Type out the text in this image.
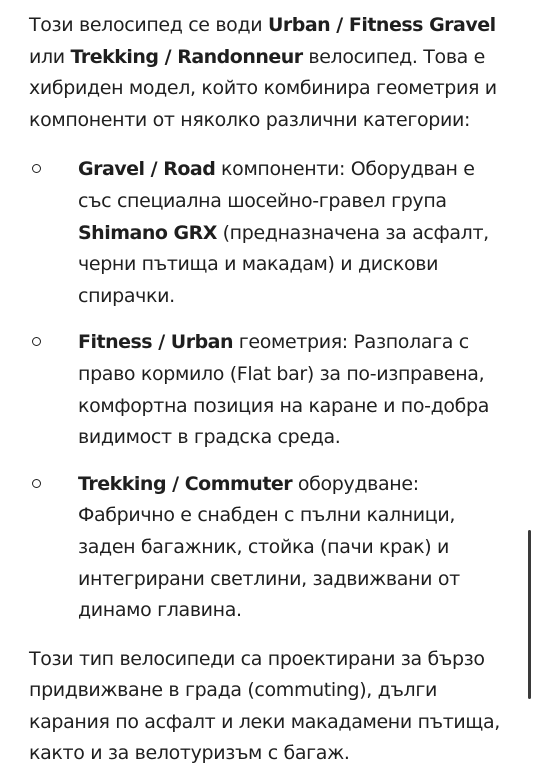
Този велосипед се води Urban / Fitness Gravel или Trekking / Randonneur велосипед. Това е хибриден модел, който комбинира геометрия и компоненти от няколко различни категории:

Gravel / Road компоненти: Оборудван е със специална шосейно-гравел група Shimano GRX (предназначена за асфалт, черни пътища и макадам) и дискови спирачки.
Fitness / Urban геометрия: Разполага с право кормило (Flat bar) за по-изправена, комфортна позиция на каране и по-добра видимост в градска среда.
Trekking / Commuter оборудване: Фабрично е снабден с пълни калници, заден багажник, стойка (пачи крак) и интегрирани светлини, задвижвани от динамо главина.

Този тип велосипеди са проектирани за бързо придвижване в града (commuting), дълги карания по асфалт и леки макадамени пътища, както и за велотуризъм с багаж.
